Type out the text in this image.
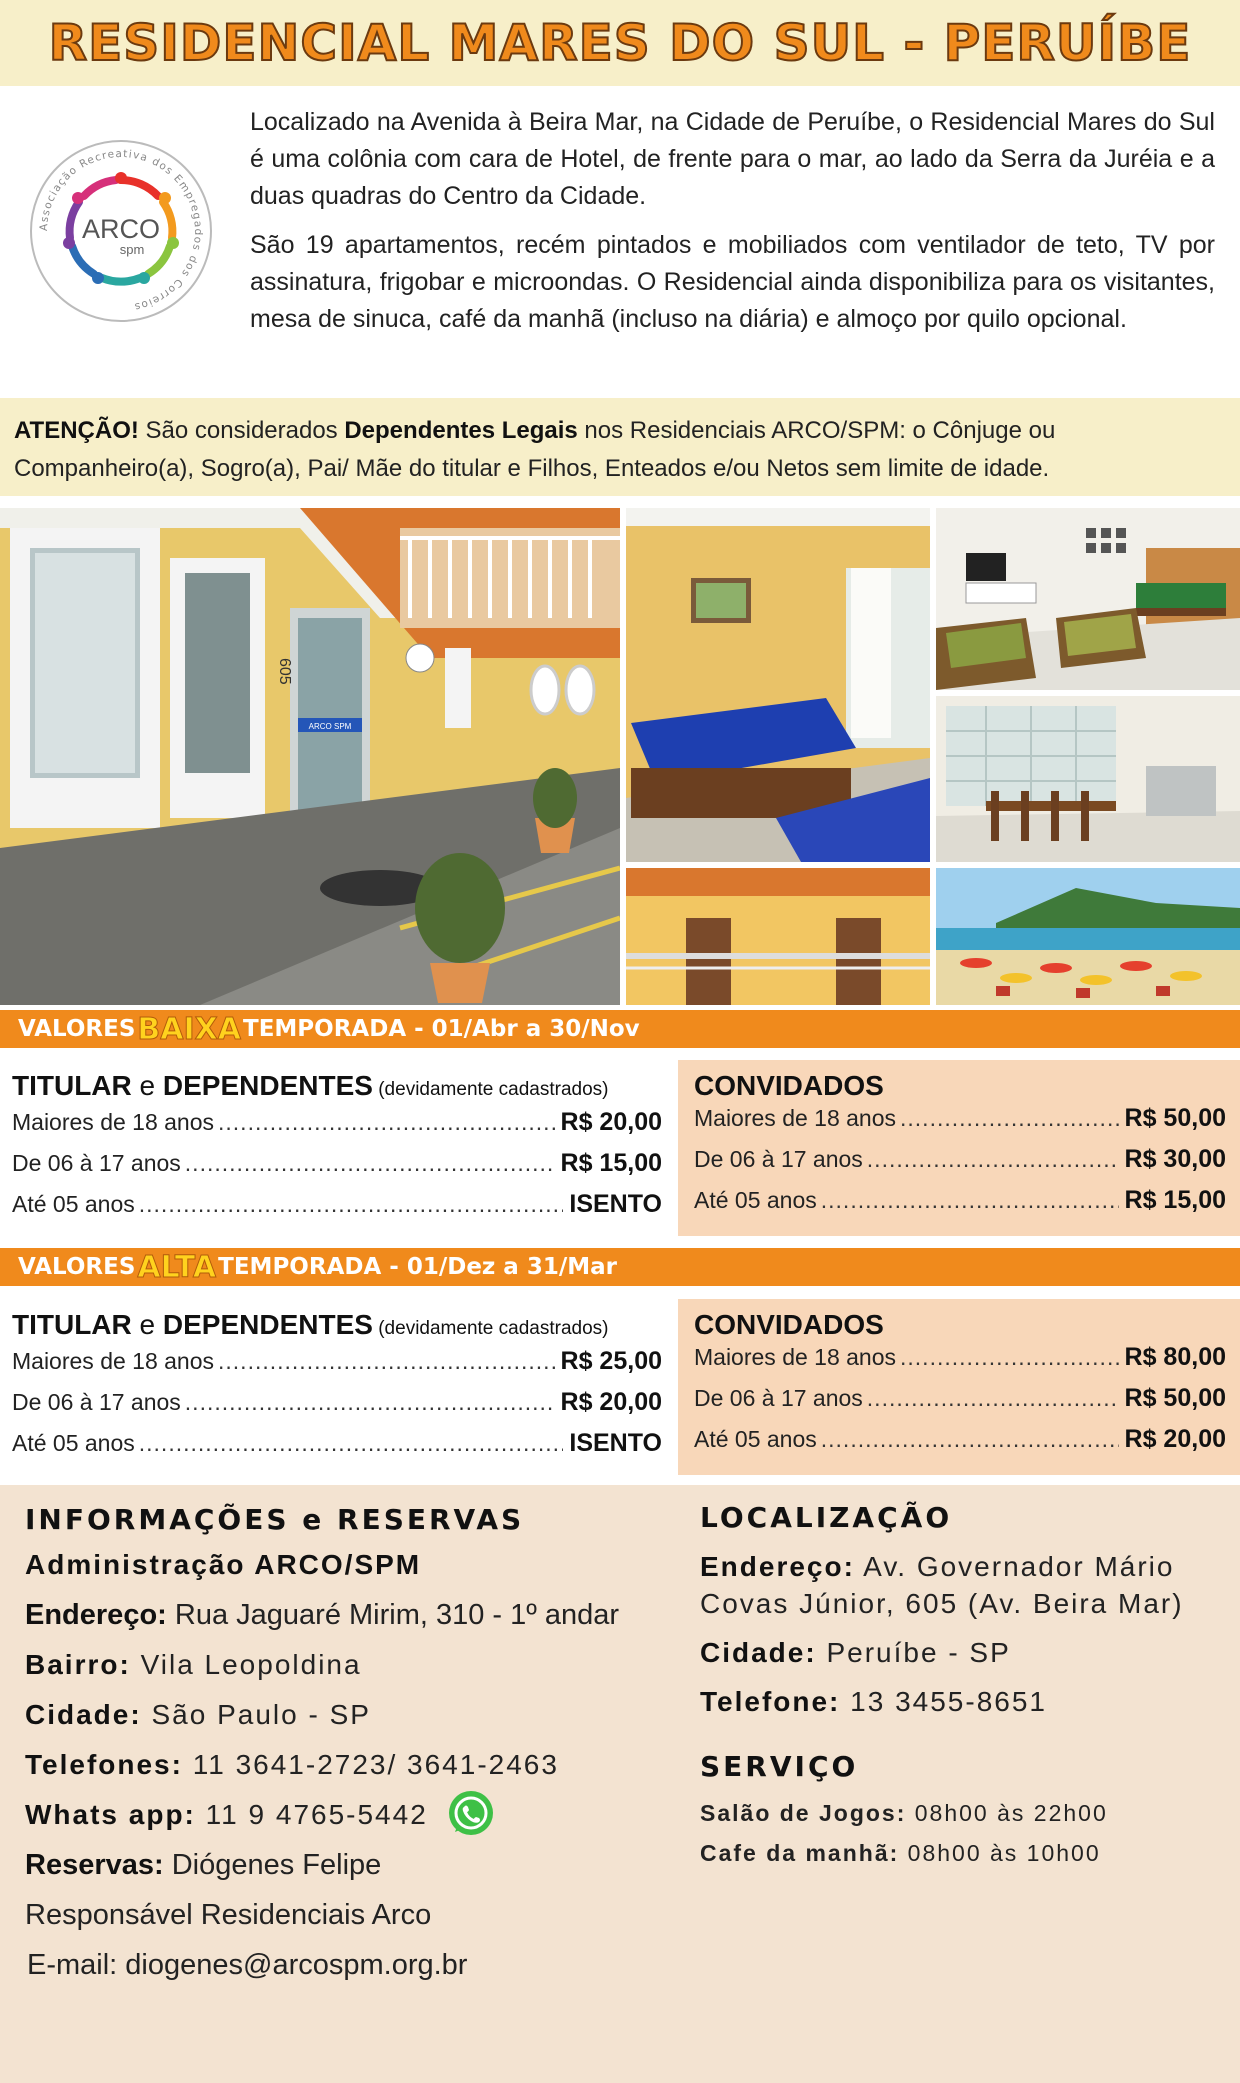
RESIDENCIAL MARES DO SUL - PERUÍBE
Associação Recreativa dos Empregados dos Correios
ARCO
spm

Localizado na Avenida à Beira Mar, na Cidade de Peruíbe, o Residencial Mares do Sul é uma colônia com cara de Hotel, de frente para o mar, ao lado da Serra da Juréia e a duas quadras do Centro da Cidade.

São 19 apartamentos, recém pintados e mobiliados com ventilador de teto, TV por assinatura, frigobar e microondas. O Residencial ainda disponibiliza para os visitantes, mesa de sinuca, café da manhã (incluso na diária) e almoço por quilo opcional.

ATENÇÃO! São considerados Dependentes Legais nos Residenciais ARCO/SPM: o Cônjuge ou Companheiro(a), Sogro(a), Pai/ Mãe do titular e Filhos, Enteados e/ou Netos sem limite de idade.
ARCO SPM
605
VALORES BAIXA TEMPORADA - 01/Abr a 30/Nov
TITULAR e DEPENDENTES (devidamente cadastrados)
Maiores de 18 anos .....	R$ 20,00
De 06 à 17 anos .....	R$ 15,00
Até 05 anos .....	ISENTO
CONVIDADOS
Maiores de 18 anos .....	R$ 50,00
De 06 à 17 anos .....	R$ 30,00
Até 05 anos .....	R$ 15,00
VALORES ALTA TEMPORADA - 01/Dez a 31/Mar
TITULAR e DEPENDENTES (devidamente cadastrados)
Maiores de 18 anos .....	R$ 25,00
De 06 à 17 anos .....	R$ 20,00
Até 05 anos .....	ISENTO
CONVIDADOS
Maiores de 18 anos .....	R$ 80,00
De 06 à 17 anos .....	R$ 50,00
Até 05 anos .....	R$ 20,00
INFORMAÇÕES e RESERVAS
Administração ARCO/SPM
Endereço: Rua Jaguaré Mirim, 310 - 1º andar
Bairro: Vila Leopoldina
Cidade: São Paulo - SP
Telefones: 11 3641-2723/ 3641-2463
Whats app: 11 9 4765-5442
Reservas: Diógenes Felipe
Responsável Residenciais Arco
E-mail: diogenes@arcospm.org.br
LOCALIZAÇÃO
Endereço: Av. Governador Mário Covas Júnior, 605 (Av. Beira Mar)
Cidade: Peruíbe - SP
Telefone: 13 3455-8651
SERVIÇO
Salão de Jogos: 08h00 às 22h00
Cafe da manhã: 08h00 às 10h00
